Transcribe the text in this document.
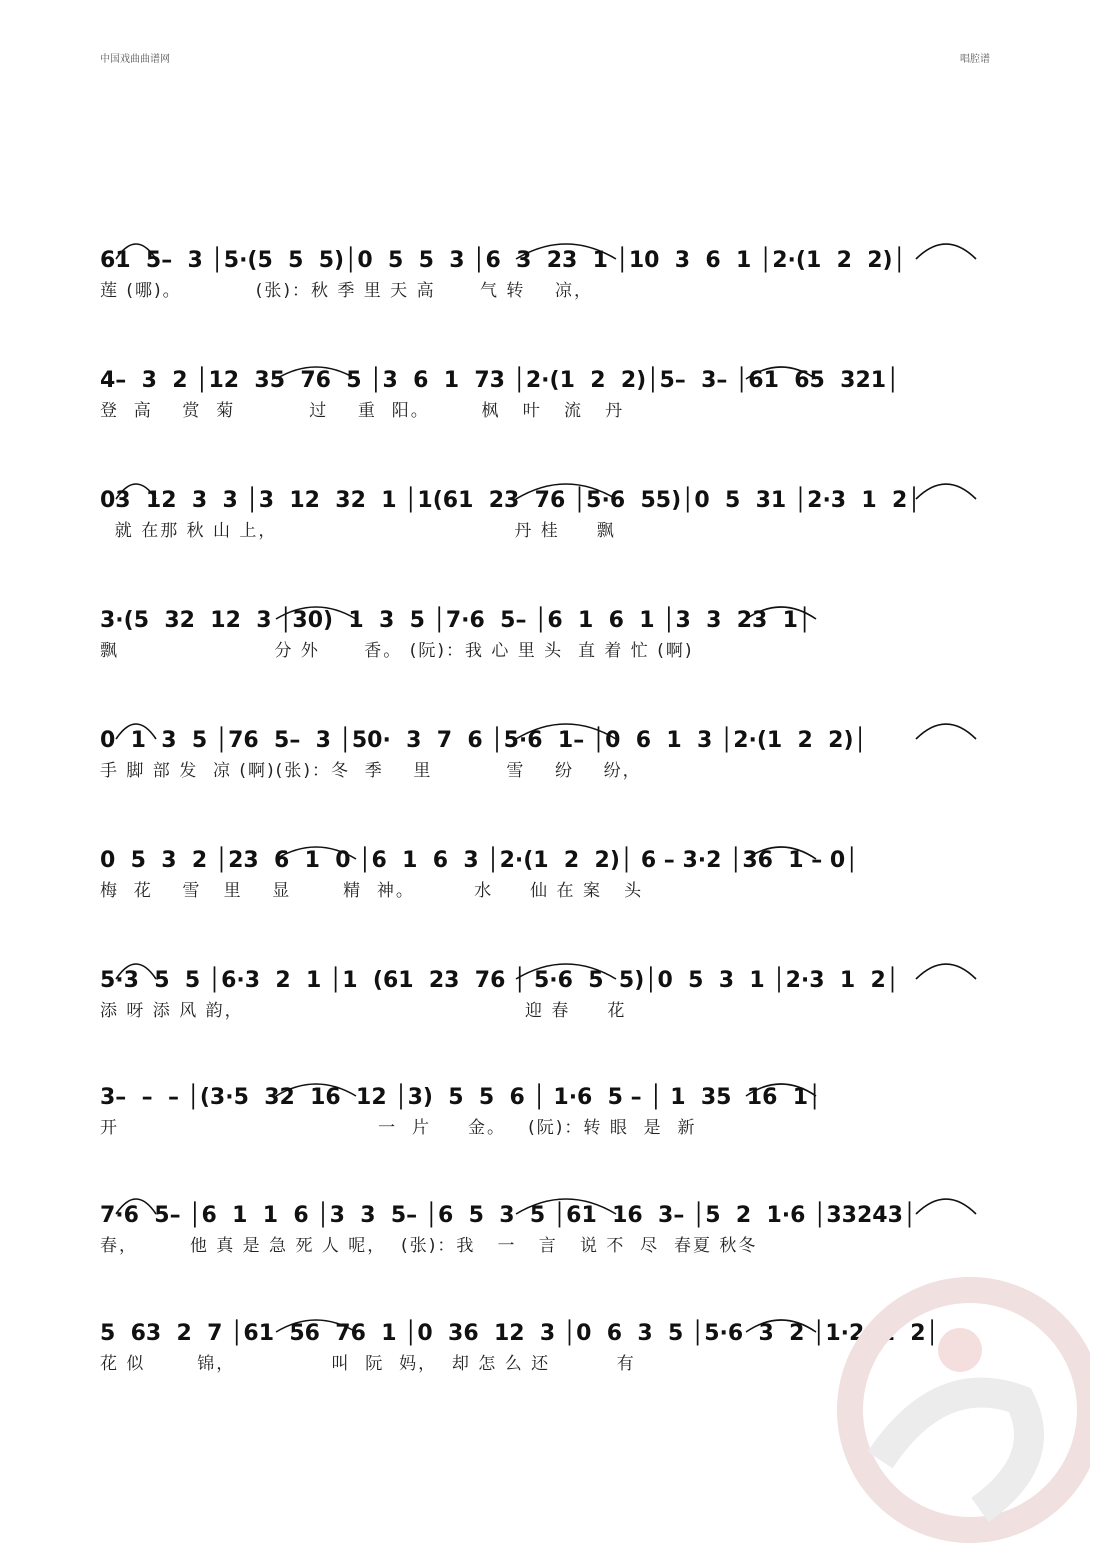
中国戏曲曲谱网	唱腔谱
61  5–  3 │5·(5  5  5)│0  5  5  3 │6  3  23  1 │10  3  6  1 │2·(1  2  2)│
莲 (哪)。          (张)：秋 季 里 天 高      气 转    凉，
4–  3  2 │12  35  76  5 │3  6  1  73 │2·(1  2  2)│5–  3– │61  65  321│
登  高    赏  菊          过    重  阳。       枫   叶   流   丹
03  12  3  3 │3  12  32  1 │1(61  23  76 │5·6  55)│0  5  31 │2·3  1  2│
就 在那 秋 山 上，                                丹 桂     飘
3·(5  32  12  3 │30)  1  3  5 │7·6  5– │6  1  6  1 │3  3  23  1│
飘                     分 外      香。 (阮)：我 心 里 头  直 着 忙 (啊)
0  1  3  5 │76  5–  3 │50·  3  7  6 │5·6  1– │0  6  1  3 │2·(1  2  2)│
手 脚 部 发  凉 (啊)(张)：冬  季    里          雪    纷    纷，
0  5  3  2 │23  6  1  0 │6  1  6  3 │2·(1  2  2)│ 6 – 3·2 │36  1 – 0│
梅  花    雪   里    显       精  神。        水     仙 在 案   头
5·3  5  5 │6·3  2  1 │1  (61  23  76 │ 5·6  5  5)│0  5  3  1 │2·3  1  2│
添 呀 添 风 韵，                                      迎 春     花
3–  –  – │(3·5  32  16  12 │3)  5  5  6 │ 1·6  5 – │ 1  35  16  1│
开                                   一  片     金。   (阮)：转 眼  是  新
7·6  5– │6  1  1  6 │3  3  5– │6  5  3  5 │61  16  3– │5  2  1·6 │33243│
春，       他 真 是 急 死 人 呢，  (张)：我   一   言   说 不  尽  春夏 秋冬
5  63  2  7 │61  56  76  1 │0  36  12  3 │0  6  3  5 │5·6  3  2 │1·2  1  2│
花 似       锦，             叫  阮  妈，  却 怎 么 还         有
